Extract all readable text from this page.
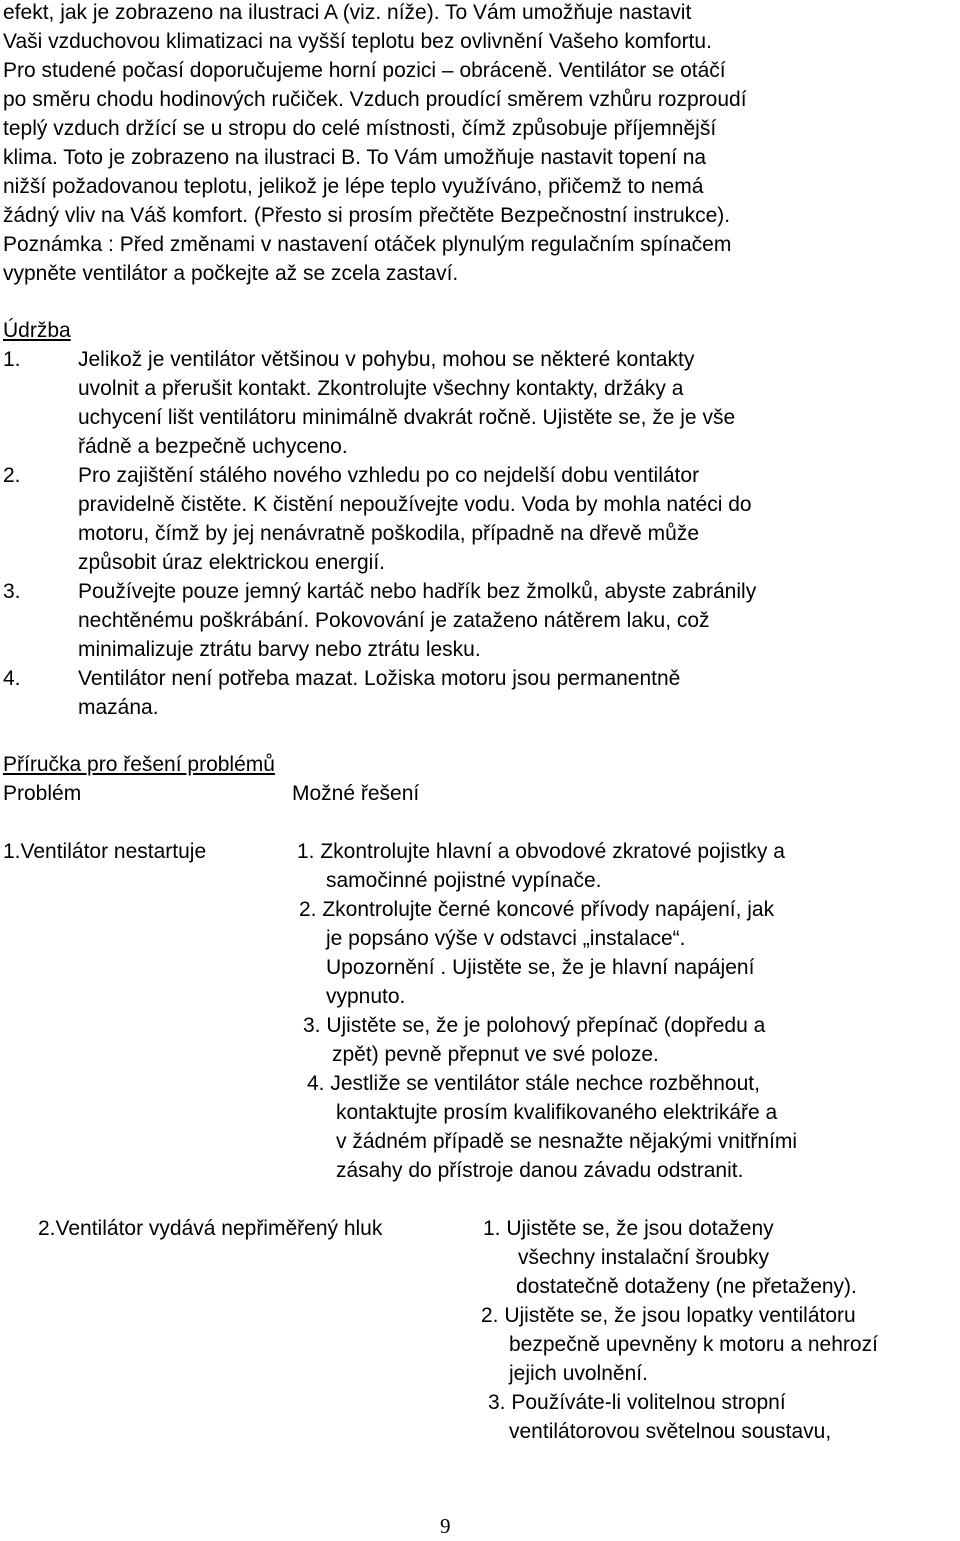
efekt, jak je zobrazeno na ilustraci A (viz. níže). To Vám umožňuje nastavit
Vaši vzduchovou klimatizaci na vyšší teplotu bez ovlivnění Vašeho komfortu.
Pro studené počasí doporučujeme horní pozici – obráceně. Ventilátor se otáčí
po směru chodu hodinových ručiček. Vzduch proudící směrem vzhůru rozproudí
teplý vzduch držící se u stropu do celé místnosti, čímž způsobuje příjemnější
klima. Toto je zobrazeno na ilustraci B. To Vám umožňuje nastavit topení na
nižší požadovanou teplotu, jelikož je lépe teplo využíváno, přičemž to nemá
žádný vliv na Váš komfort. (Přesto si prosím přečtěte Bezpečnostní instrukce).
Poznámka : Před změnami v nastavení otáček plynulým regulačním spínačem
vypněte ventilátor a počkejte až se zcela zastaví.
Údržba
1.	Jelikož je ventilátor většinou v pohybu, mohou se některé kontakty
uvolnit a přerušit kontakt. Zkontrolujte všechny kontakty, držáky a
uchycení lišt ventilátoru minimálně dvakrát ročně. Ujistěte se, že je vše
řádně a bezpečně uchyceno.
2.	Pro zajištění stálého nového vzhledu po co nejdelší dobu ventilátor
pravidelně čistěte. K čistění nepoužívejte vodu. Voda by mohla natéci do
motoru, čímž by jej nenávratně poškodila, případně na dřevě může
způsobit úraz elektrickou energií.
3.	Používejte pouze jemný kartáč nebo hadřík bez žmolků, abyste zabránily
nechtěnému poškrábání. Pokovování je zataženo nátěrem laku, což
minimalizuje ztrátu barvy nebo ztrátu lesku.
4.	Ventilátor není potřeba mazat. Ložiska motoru jsou permanentně
mazána.
Příručka pro řešení problémů
Problém	Možné řešení
1.Ventilátor nestartuje	1. Zkontrolujte hlavní a obvodové zkratové pojistky a
samočinné pojistné vypínače.
2. Zkontrolujte černé koncové přívody napájení, jak
je popsáno výše v odstavci „instalace“.
Upozornění . Ujistěte se, že je hlavní napájení
vypnuto.
3. Ujistěte se, že je polohový přepínač (dopředu a
zpět) pevně přepnut ve své poloze.
4. Jestliže se ventilátor stále nechce rozběhnout,
kontaktujte prosím kvalifikovaného elektrikáře a
v žádném případě se nesnažte nějakými vnitřními
zásahy do přístroje danou závadu odstranit.
2.Ventilátor vydává nepřiměřený hluk	1. Ujistěte se, že jsou dotaženy
všechny instalační šroubky
dostatečně dotaženy (ne přetaženy).
2. Ujistěte se, že jsou lopatky ventilátoru
bezpečně upevněny k motoru a nehrozí
jejich uvolnění.
3. Používáte-li volitelnou stropní
ventilátorovou světelnou soustavu,
9
